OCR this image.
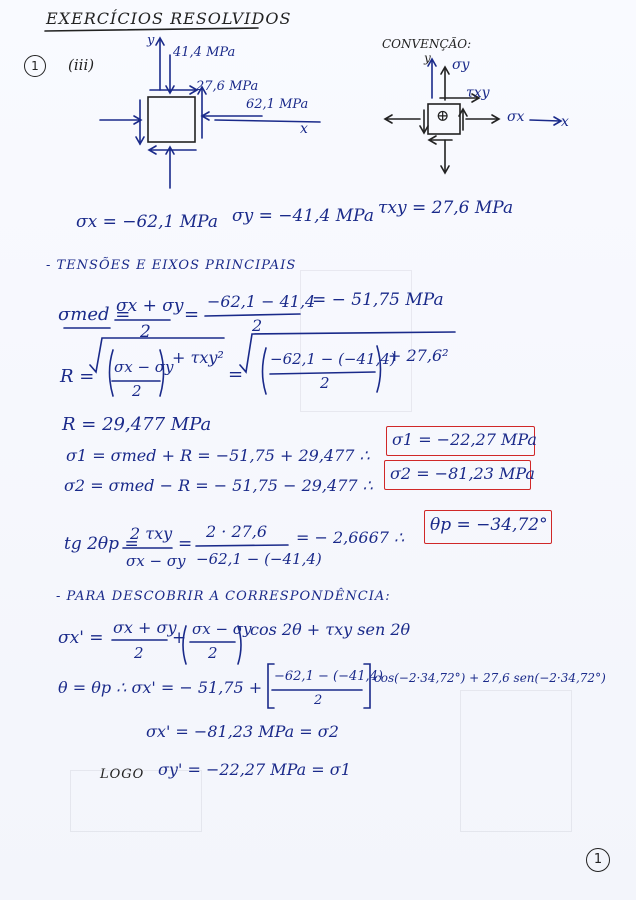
EXERCÍCIOS RESOLVIDOS
1	(iii)
y
41,4 MPa
27,6 MPa
62,1 MPa
x
CONVENÇÃO:
y σy
τxy
σx	x
⊕
σx = −62,1 MPa σy = −41,4 MPa τxy = 27,6 MPa
- TENSÕES E EIXOS PRINCIPAIS
σmed =
σx + σy
2
=
−62,1 − 41,4
2
= − 51,75 MPa
R = σx − σy
2
+ τxy²
=
−62,1 − (−41,4)
2
+ 27,6²
R = 29,477 MPa
σ1 = σmed + R = −51,75 + 29,477 ∴
σ1 = −22,27 MPa
σ2 = σmed − R = − 51,75 − 29,477 ∴
σ2 = −81,23 MPa
tg 2θp =
2 τxy
σx − σy
=
2 · 27,6
−62,1 − (−41,4)
= − 2,6667 ∴
θp = −34,72°
- PARA DESCOBRIR A CORRESPONDÊNCIA:
σx' =
σx + σy
2
+ σx − σy
2
cos 2θ + τxy sen 2θ
θ = θp ∴ σx' = − 51,75 +
−62,1 − (−41,4)
2
cos(−2·34,72°) + 27,6 sen(−2·34,72°)
σx' = −81,23 MPa = σ2
LOGO σy' = −22,27 MPa = σ1
1
